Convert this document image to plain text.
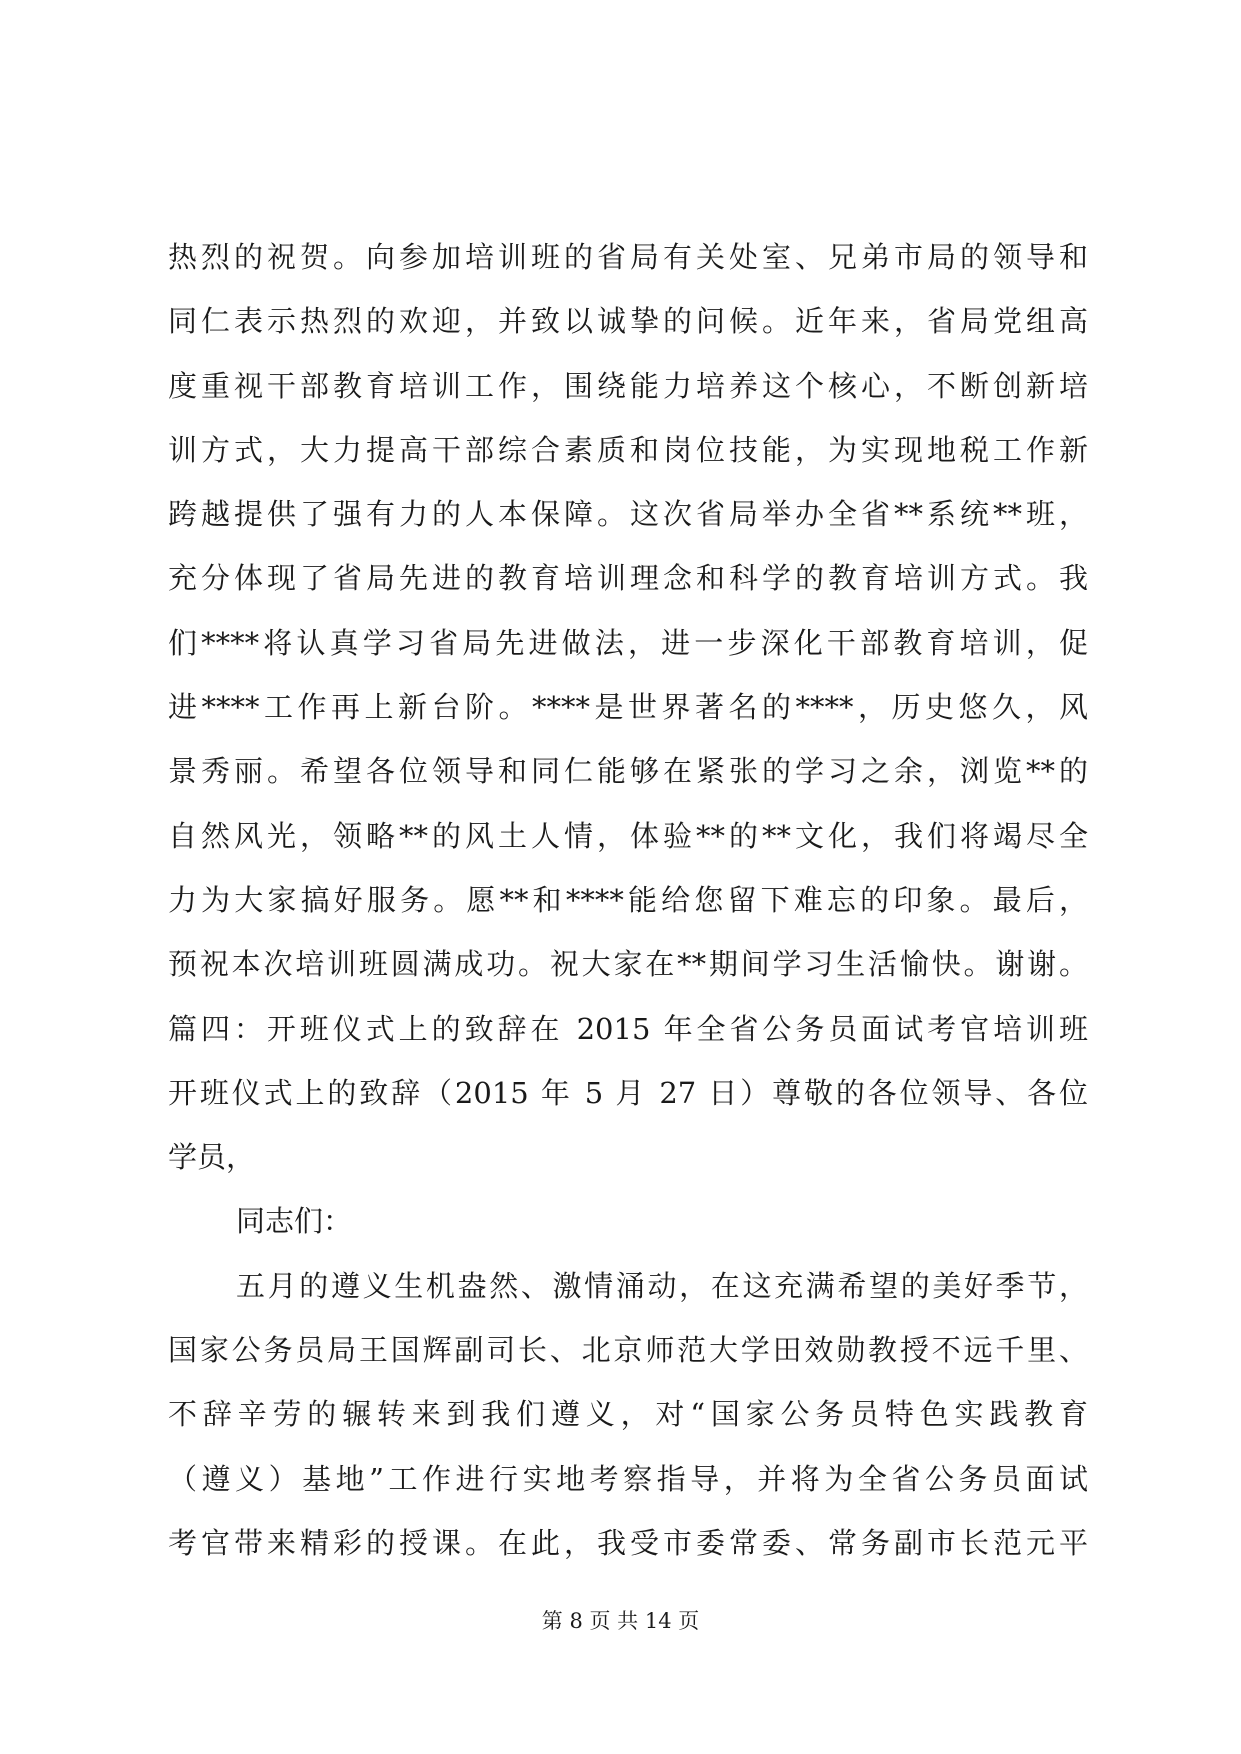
热烈的祝贺。向参加培训班的省局有关处室、兄弟市局的领导和
同仁表示热烈的欢迎，并致以诚挚的问候。近年来，省局党组高
度重视干部教育培训工作，围绕能力培养这个核心，不断创新培
训方式，大力提高干部综合素质和岗位技能，为实现地税工作新
跨越提供了强有力的人本保障。这次省局举办全省**系统**班，
充分体现了省局先进的教育培训理念和科学的教育培训方式。我
们****将认真学习省局先进做法，进一步深化干部教育培训，促
进****工作再上新台阶。****是世界著名的****，历史悠久，风
景秀丽。希望各位领导和同仁能够在紧张的学习之余，浏览**的
自然风光，领略**的风土人情，体验**的**文化，我们将竭尽全
力为大家搞好服务。愿**和****能给您留下难忘的印象。最后，
预祝本次培训班圆满成功。祝大家在**期间学习生活愉快。谢谢。
篇四：开班仪式上的致辞在 2015 年全省公务员面试考官培训班
开班仪式上的致辞（2015 年 5 月 27 日）尊敬的各位领导、各位
学员，
同志们：
五月的遵义生机盎然、激情涌动，在这充满希望的美好季节，
国家公务员局王国辉副司长、北京师范大学田效勋教授不远千里、
不辞辛劳的辗转来到我们遵义，对“国家公务员特色实践教育
（遵义）基地”工作进行实地考察指导，并将为全省公务员面试
考官带来精彩的授课。在此，我受市委常委、常务副市长范元平
第 8 页 共 14 页
